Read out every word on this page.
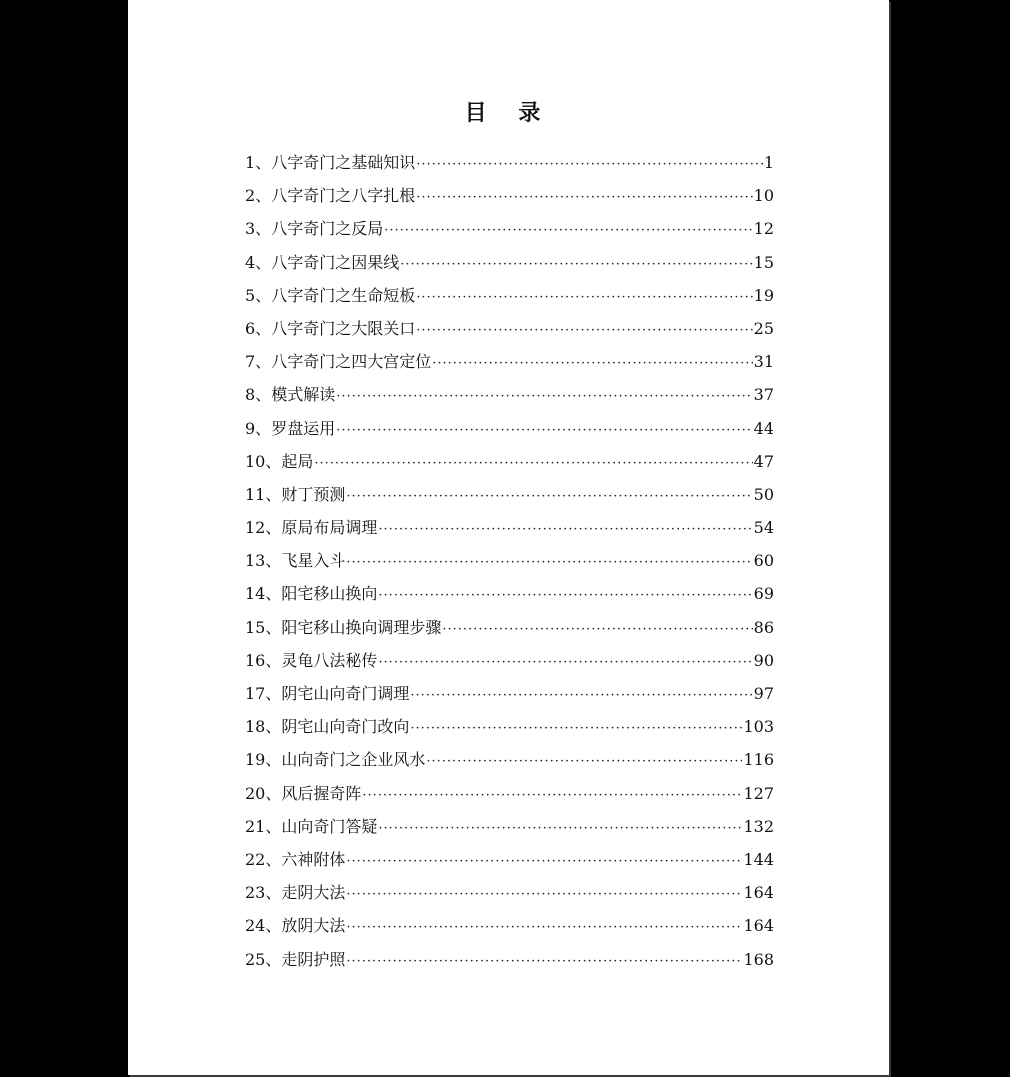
目 录
1、 八字奇门之基础知识 ·····	1
2、 八字奇门之八字扎根 ·····	10
3、 八字奇门之反局 ·····	12
4、 八字奇门之因果线 ·····	15
5、 八字奇门之生命短板 ·····	19
6、 八字奇门之大限关口 ·····	25
7、 八字奇门之四大宫定位 ·····	31
8、 模式解读 ·····	37
9、 罗盘运用 ·····	44
10、 起局 ·····	47
11、 财丁预测 ·····	50
12、 原局布局调理 ·····	54
13、 飞星入斗 ·····	60
14、 阳宅移山换向 ·····	69
15、 阳宅移山换向调理步骤 ·····	86
16、 灵龟八法秘传 ·····	90
17、 阴宅山向奇门调理 ·····	97
18、 阴宅山向奇门改向 ·····	103
19、 山向奇门之企业风水 ·····	116
20、 风后握奇阵 ·····	127
21、 山向奇门答疑 ·····	132
22、 六神附体 ·····	144
23、 走阴大法 ·····	164
24、 放阴大法 ·····	164
25、 走阴护照 ·····	168
